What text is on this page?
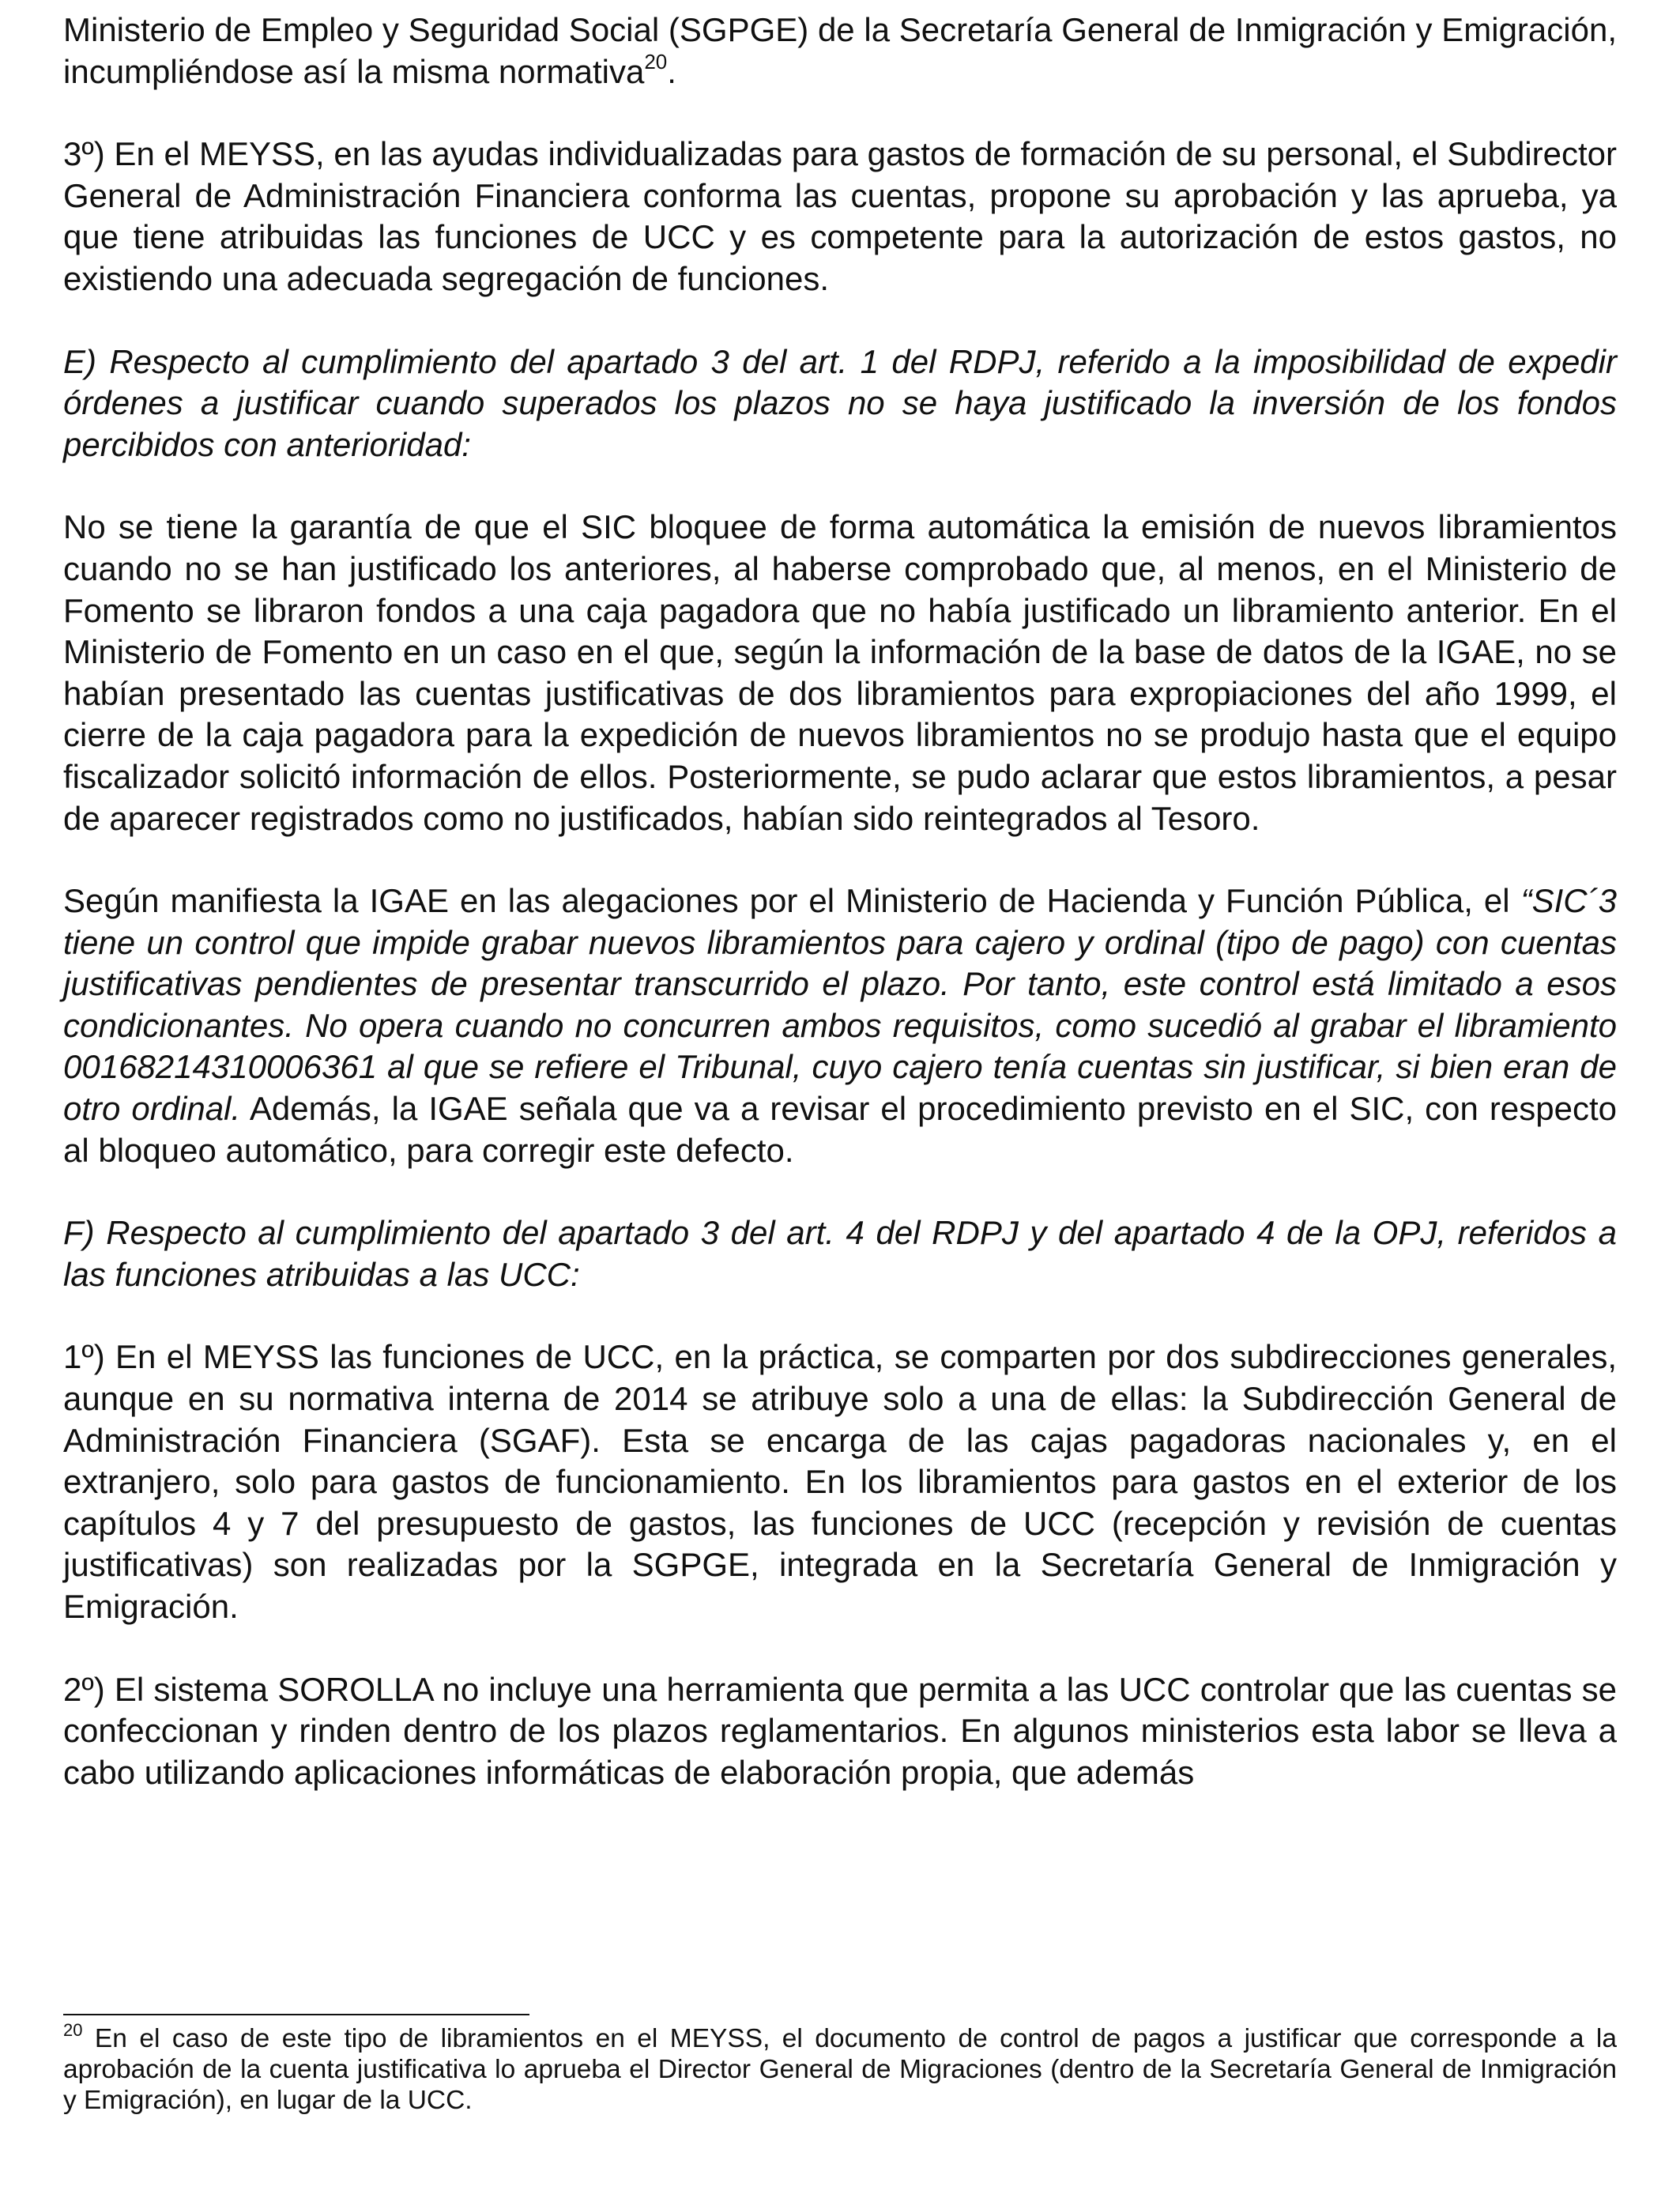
Ministerio de Empleo y Seguridad Social (SGPGE) de la Secretaría General de Inmigración y Emigración, incumpliéndose así la misma normativa$^{20}$.

3º) En el MEYSS, en las ayudas individualizadas para gastos de formación de su personal, el Subdirector General de Administración Financiera conforma las cuentas, propone su aprobación y las aprueba, ya que tiene atribuidas las funciones de UCC y es competente para la autorización de estos gastos, no existiendo una adecuada segregación de funciones.

E) Respecto al cumplimiento del apartado 3 del art. 1 del RDPJ, referido a la imposibilidad de expedir órdenes a justificar cuando superados los plazos no se haya justificado la inversión de los fondos percibidos con anterioridad:

No se tiene la garantía de que el SIC bloquee de forma automática la emisión de nuevos libramientos cuando no se han justificado los anteriores, al haberse comprobado que, al menos, en el Ministerio de Fomento se libraron fondos a una caja pagadora que no había justificado un libramiento anterior. En el Ministerio de Fomento en un caso en el que, según la información de la base de datos de la IGAE, no se habían presentado las cuentas justificativas de dos libramientos para expropiaciones del año 1999, el cierre de la caja pagadora para la expedición de nuevos libramientos no se produjo hasta que el equipo fiscalizador solicitó información de ellos. Posteriormente, se pudo aclarar que estos libramientos, a pesar de aparecer registrados como no justificados, habían sido reintegrados al Tesoro.

Según manifiesta la IGAE en las alegaciones por el Ministerio de Hacienda y Función Pública, el “SIC´3 tiene un control que impide grabar nuevos libramientos para cajero y ordinal (tipo de pago) con cuentas justificativas pendientes de presentar transcurrido el plazo. Por tanto, este control está limitado a esos condicionantes. No opera cuando no concurren ambos requisitos, como sucedió al grabar el libramiento 00168214310006361 al que se refiere el Tribunal, cuyo cajero tenía cuentas sin justificar, si bien eran de otro ordinal. Además, la IGAE señala que va a revisar el procedimiento previsto en el SIC, con respecto al bloqueo automático, para corregir este defecto.

F) Respecto al cumplimiento del apartado 3 del art. 4 del RDPJ y del apartado 4 de la OPJ, referidos a las funciones atribuidas a las UCC:

1º) En el MEYSS las funciones de UCC, en la práctica, se comparten por dos subdirecciones generales, aunque en su normativa interna de 2014 se atribuye solo a una de ellas: la Subdirección General de Administración Financiera (SGAF). Esta se encarga de las cajas pagadoras nacionales y, en el extranjero, solo para gastos de funcionamiento. En los libramientos para gastos en el exterior de los capítulos 4 y 7 del presupuesto de gastos, las funciones de UCC (recepción y revisión de cuentas justificativas) son realizadas por la SGPGE, integrada en la Secretaría General de Inmigración y Emigración.

2º) El sistema SOROLLA no incluye una herramienta que permita a las UCC controlar que las cuentas se confeccionan y rinden dentro de los plazos reglamentarios. En algunos ministerios esta labor se lleva a cabo utilizando aplicaciones informáticas de elaboración propia, que además

$^{20}$ En el caso de este tipo de libramientos en el MEYSS, el documento de control de pagos a justificar que corresponde a la aprobación de la cuenta justificativa lo aprueba el Director General de Migraciones (dentro de la Secretaría General de Inmigración y Emigración), en lugar de la UCC.
